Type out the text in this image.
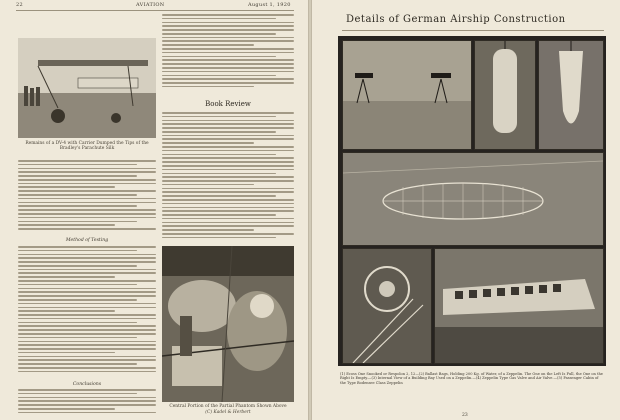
22	AVIATION	August 1, 1920
Remains of a DV-4 with Carrier Dumped the Tips of the Bradley's Parachute Silk
Method of Testing
Conclusions
Book Review
Central Portion of the Partial Phantom Shown Above
(C) Kadel & Herbert
Details of German Airship Construction
(1) Ecoss One Snooked or Respolon 2, 12—(2) Ballast Bags, Holding 200 Kg. of Water, of a Zeppelin. The One on the Left Is Full, the One on the Right Is Empty.—(3) Internal View of a Building Bay Used on a Zeppelin.—(4) Zeppelin Type Gas Valve and Air Valve.—(5) Passenger Cabin of the Type Bodensee Class Zeppelin
23
